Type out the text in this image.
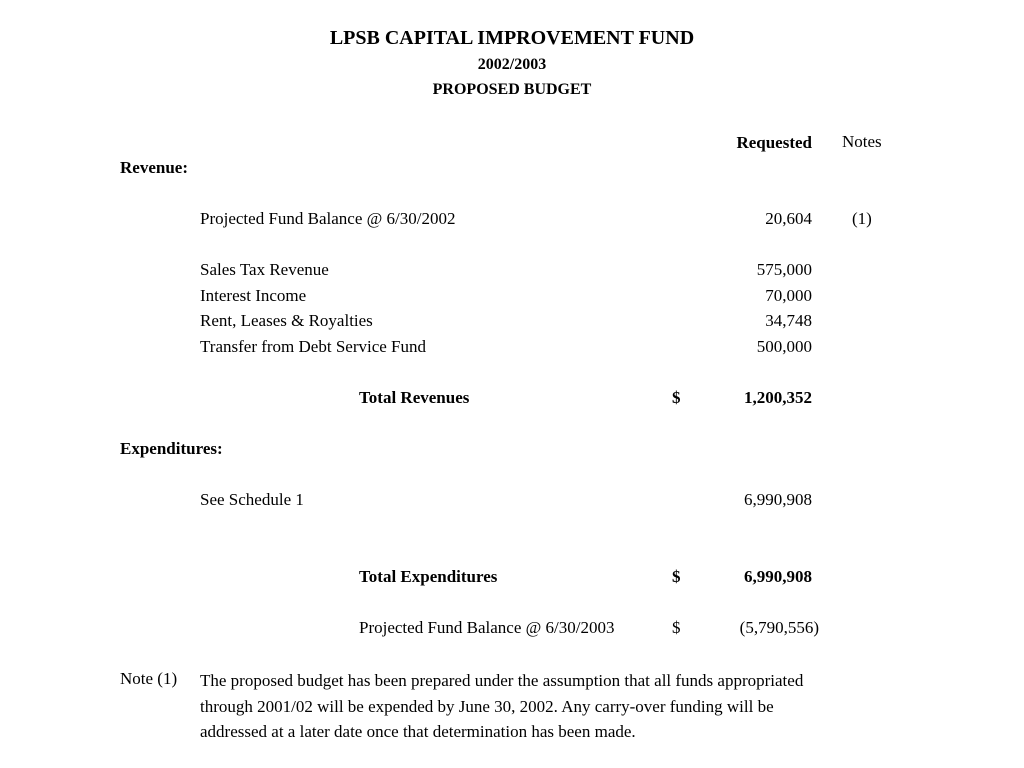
LPSB CAPITAL IMPROVEMENT FUND
2002/2003
PROPOSED BUDGET
Requested Notes
Revenue:
Projected Fund Balance @ 6/30/2002	20,604 (1)
Sales Tax Revenue	575,000
Interest Income	70,000
Rent, Leases & Royalties	34,748
Transfer from Debt Service Fund	500,000
Total Revenues	$	1,200,352
Expenditures:
See Schedule 1	6,990,908
Total Expenditures	$	6,990,908
Projected Fund Balance @ 6/30/2003	$	(5,790,556)
Note (1) The proposed budget has been prepared under the assumption that all funds appropriated
through 2001/02 will be expended by June 30, 2002. Any carry-over funding will be
addressed at a later date once that determination has been made.
